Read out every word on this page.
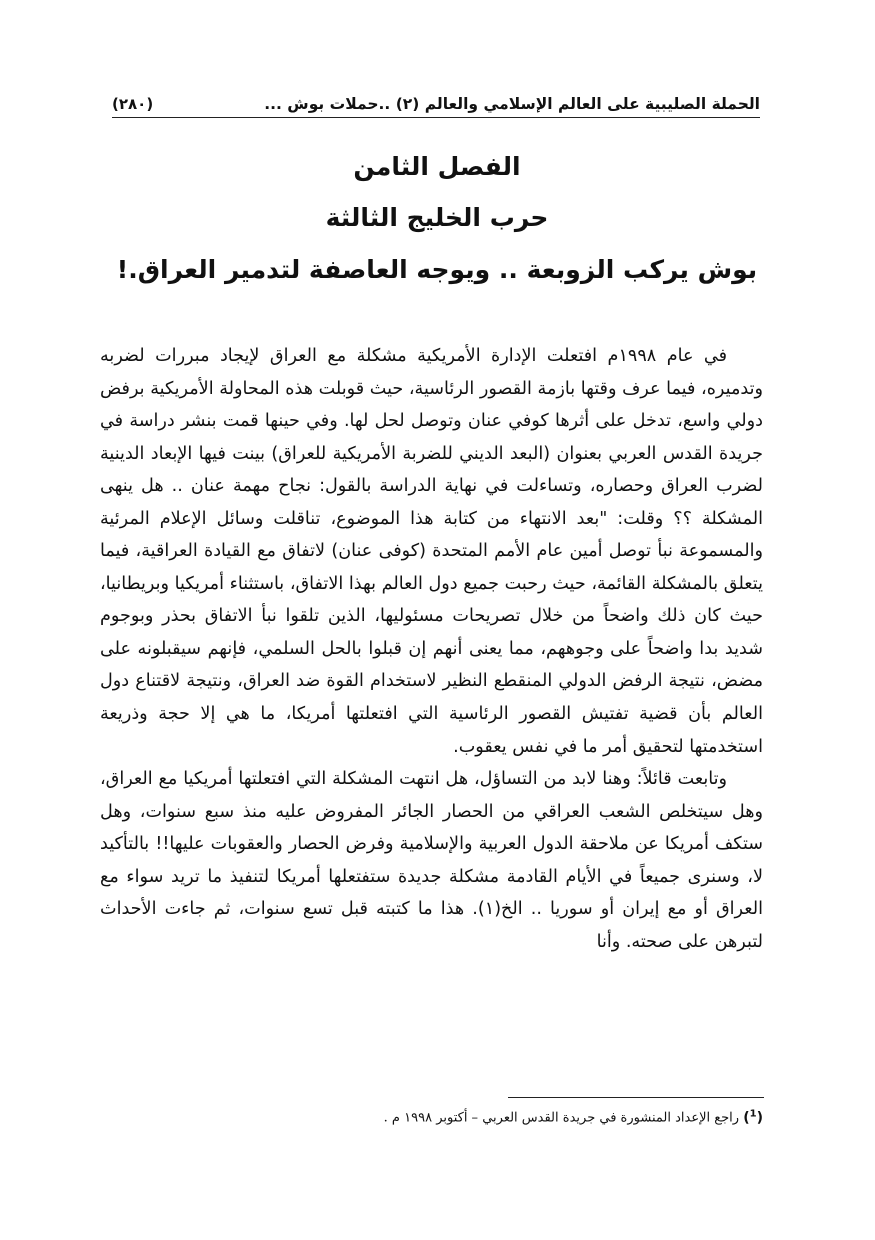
الحملة الصليبية على العالم الإسلامي والعالم (٢) ..حملات بوش ...
(٢٨٠)
الفصل الثامن
حرب الخليج الثالثة
بوش يركب الزوبعة .. ويوجه العاصفة لتدمير العراق.!

في عام ١٩٩٨م افتعلت الإدارة الأمريكية مشكلة مع العراق لإيجاد مبررات لضربه وتدميره، فيما عرف وقتها بازمة القصور الرئاسية، حيث قوبلت هذه المحاولة الأمريكية برفض دولي واسع، تدخل على أثرها كوفي عنان وتوصل لحل لها. وفي حينها قمت بنشر دراسة في جريدة القدس العربي بعنوان (البعد الديني للضربة الأمريكية للعراق) بينت فيها الإبعاد الدينية لضرب العراق وحصاره، وتساءلت في نهاية الدراسة بالقول: نجاح مهمة عنان .. هل ينهى المشكلة ؟؟ وقلت: "بعد الانتهاء من كتابة هذا الموضوع، تناقلت وسائل الإعلام المرئية والمسموعة نبأ توصل أمين عام الأمم المتحدة (كوفى عنان) لاتفاق مع القيادة العراقية، فيما يتعلق بالمشكلة القائمة، حيث رحبت جميع دول العالم بهذا الاتفاق، باستثناء أمريكيا وبريطانيا، حيث كان ذلك واضحاً من خلال تصريحات مسئوليها، الذين تلقوا نبأ الاتفاق بحذر وبوجوم شديد بدا واضحاً على وجوههم، مما يعنى أنهم إن قبلوا بالحل السلمي، فإنهم سيقبلونه على مضض، نتيجة الرفض الدولي المنقطع النظير لاستخدام القوة ضد العراق، ونتيجة لاقتناع دول العالم بأن قضية تفتيش القصور الرئاسية التي افتعلتها أمريكا، ما هي إلا حجة وذريعة استخدمتها لتحقيق أمر ما في نفس يعقوب.

وتابعت قائلاً: وهنا لابد من التساؤل، هل انتهت المشكلة التي افتعلتها أمريكيا مع العراق، وهل سيتخلص الشعب العراقي من الحصار الجائر المفروض عليه منذ سبع سنوات، وهل ستكف أمريكا عن ملاحقة الدول العربية والإسلامية وفرض الحصار والعقوبات عليها!! بالتأكيد لا، وسنرى جميعاً في الأيام القادمة مشكلة جديدة ستفتعلها أمريكا لتنفيذ ما تريد سواء مع العراق أو مع إيران أو سوريا .. الخ(١). هذا ما كتبته قبل تسع سنوات، ثم جاءت الأحداث لتبرهن على صحته. وأنا

($^1$) راجع الإعداد المنشورة في جريدة القدس العربي – أكتوبر ١٩٩٨ م .
